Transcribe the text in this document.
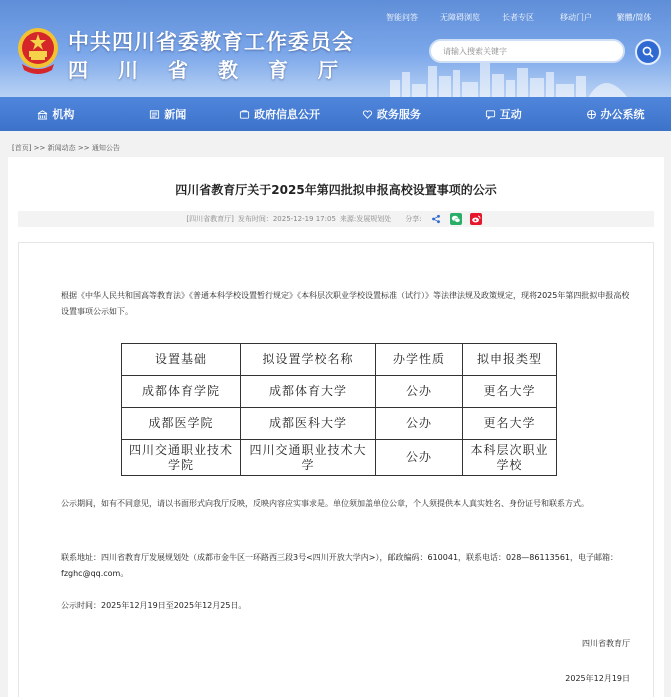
智能问答	无障碍浏览	长者专区	移动门户	繁體/简体
中共四川省委教育工作委员会
四川省教育厅
请输入搜索关键字
机构	新闻	政府信息公开	政务服务	互动	办公系统
[首页] >> 新闻动态 >> 通知公告
四川省教育厅关于2025年第四批拟申报高校设置事项的公示
[四川省教育厅] 发布时间：2025-12-19 17:05 来源:发展规划处 分享:

根据《中华人民共和国高等教育法》《普通本科学校设置暂行规定》《本科层次职业学校设置标准（试行）》等法律法规及政策规定，现将2025年第四批拟申报高校设置事项公示如下。

设置基础	拟设置学校名称	办学性质	拟申报类型
成都体育学院	成都体育大学	公办	更名大学
成都医学院	成都医科大学	公办	更名大学
四川交通职业技术学院	四川交通职业技术大学	公办	本科层次职业学校

公示期间，如有不同意见，请以书面形式向我厅反映，反映内容应实事求是。单位须加盖单位公章，个人须提供本人真实姓名、身份证号和联系方式。

联系地址：四川省教育厅发展规划处（成都市金牛区一环路西三段3号<四川开放大学内>），邮政编码：610041，联系电话：028—86113561，电子邮箱：fzghc@qq.com。

公示时间：2025年12月19日至2025年12月25日。

四川省教育厅
2025年12月19日
